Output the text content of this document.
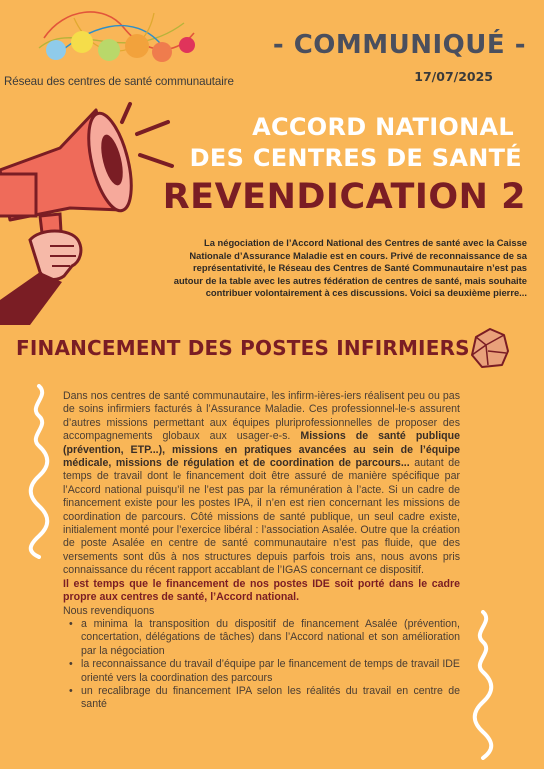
Réseau des centres de santé communautaire
- COMMUNIQUÉ -
17/07/2025
ACCORD NATIONAL
DES CENTRES DE SANTÉ
REVENDICATION 2
La négociation de l’Accord National des Centres de santé avec la Caisse Nationale d’Assurance Maladie est en cours. Privé de reconnaissance de sa représentativité, le Réseau des Centres de Santé Communautaire n’est pas autour de la table avec les autres fédération de centres de santé, mais souhaite contribuer volontairement à ces discussions. Voici sa deuxième pierre...
FINANCEMENT DES POSTES INFIRMIERS

Dans nos centres de santé communautaire, les infirm-ières-iers réalisent peu ou pas de soins infirmiers facturés à l’Assurance Maladie. Ces professionnel-le-s assurent d’autres missions permettant aux équipes pluriprofessionnelles de proposer des accompagnements globaux aux usager-e-s. Missions de santé publique (prévention, ETP...), missions en pratiques avancées au sein de l’équipe médicale, missions de régulation et de coordination de parcours... autant de temps de travail dont le financement doit être assuré de manière spécifique par l’Accord national puisqu’il ne l’est pas par la rémunération à l’acte. Si un cadre de financement existe pour les postes IPA, il n’en est rien concernant les missions de coordination de parcours. Côté missions de santé publique, un seul cadre existe, initialement monté pour l’exercice libéral : l’association Asalée. Outre que la création de poste Asalée en centre de santé communautaire n’est pas fluide, que des versements sont dûs à nos structures depuis parfois trois ans, nous avons pris connaissance du récent rapport accablant de l’IGAS concernant ce dispositif.

Il est temps que le financement de nos postes IDE soit porté dans le cadre propre aux centres de santé, l’Accord national.

Nous revendiquons

• a minima la transposition du dispositif de financement Asalée (prévention, concertation, délégations de tâches) dans l’Accord national et son amélioration par la négociation
• la reconnaissance du travail d’équipe par le financement de temps de travail IDE orienté vers la coordination des parcours
• un recalibrage du financement IPA selon les réalités du travail en centre de santé
